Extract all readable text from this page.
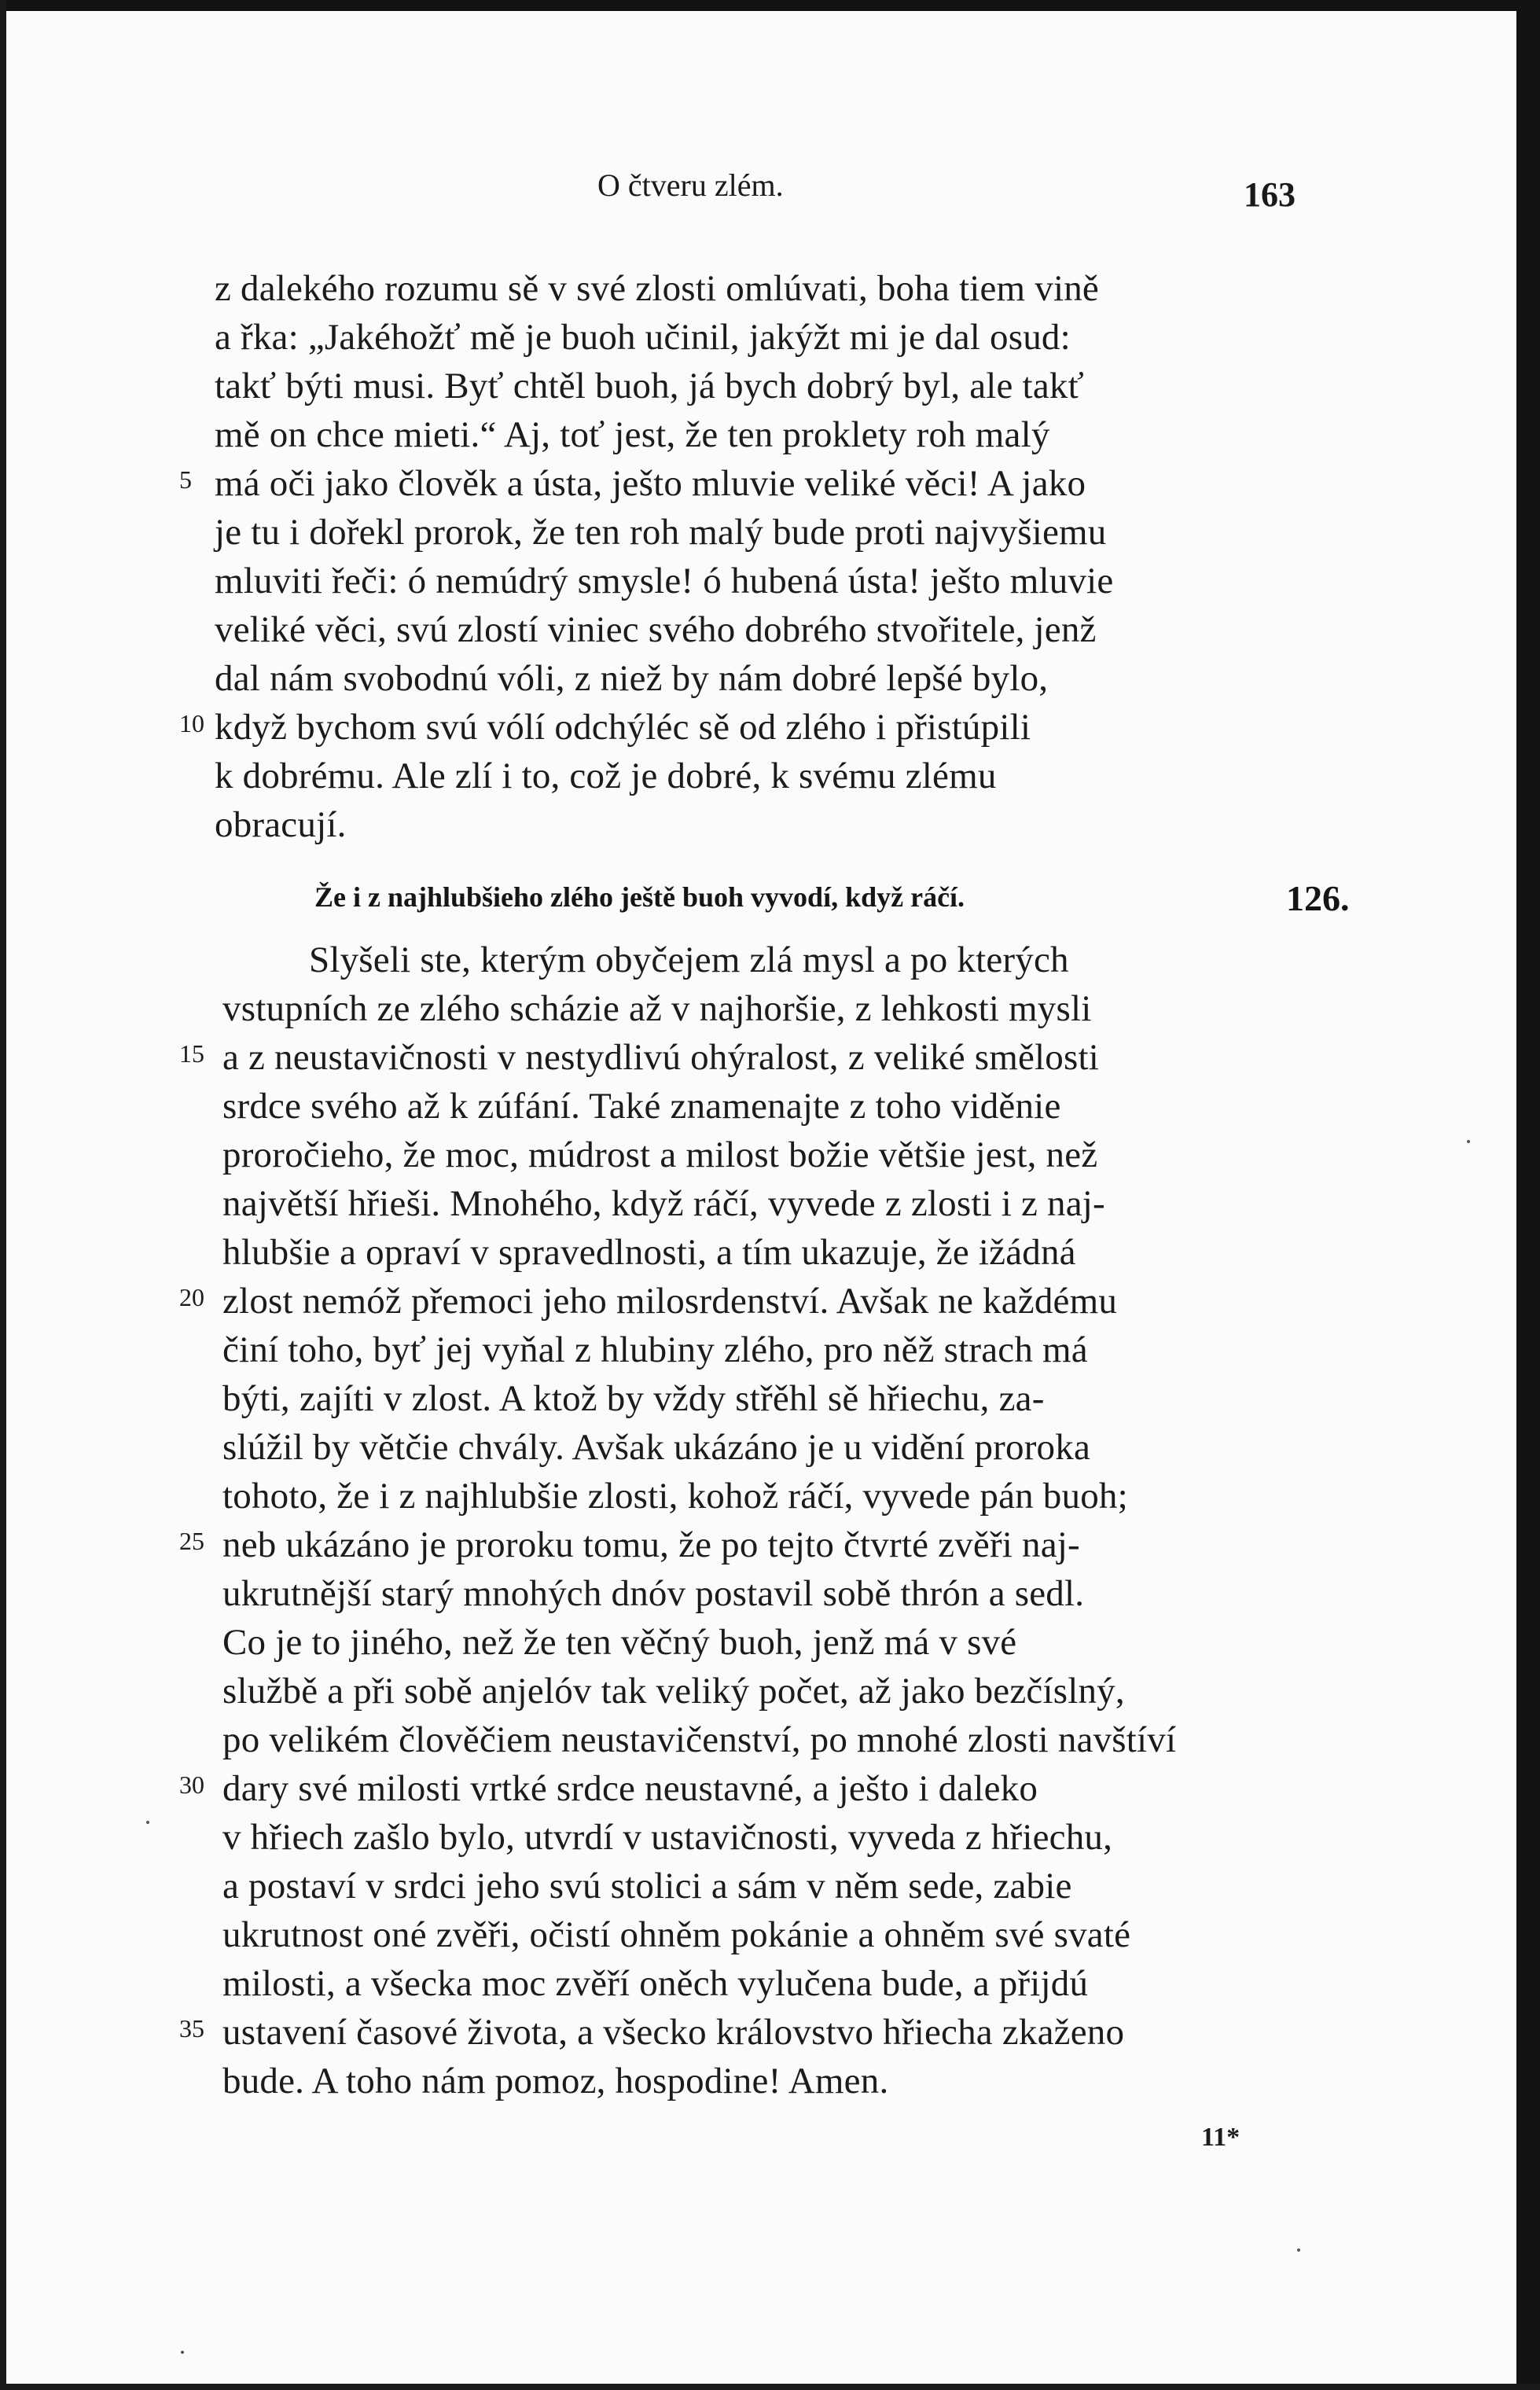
O čtveru zlém.	163
z dalekého rozumu sě v své zlosti omlúvati, boha tiem vině
a řka: „Jakéhožť mě je buoh učinil, jakýžt mi je dal osud:
takť býti musi. Byť chtěl buoh, já bych dobrý byl, ale takť
mě on chce mieti.“ Aj, toť jest, že ten proklety roh malý
5 má oči jako člověk a ústa, ještо mluvie veliké věci! A jako
je tu i dořekl prorok, že ten roh malý bude proti najvyšiemu
mluviti řeči: ó nemúdrý smysle! ó hubená ústa! ještо mluvie
veliké věci, svú zlostí viniec svého dobrého stvořitele, jenž
dal nám svobodnú vóli, z niež by nám dobré lepšé bylo,
10 když bychom svú vólí odchýléc sě od zlého i přistúpili
k dobrému. Ale zlí i to, což je dobré, k svému zlému
obracují.
Že i z najhlubšieho zlého ještě buoh vyvodí, když ráčí.	126.
Slyšeli ste, kterým obyčejem zlá mysl a po kterých
vstupních ze zlého scházie až v najhoršie, z lehkosti mysli
15 a z neustavičnosti v nestydlivú ohýralost, z veliké smělosti
srdce svého až k zúfání. Také znamenajte z toho viděnie
proročieho, že moc, múdrost a milost božie většie jest, než
najvětší hřieši. Mnohého, když ráčí, vyvede z zlosti i z naj-
hlubšie a opraví v spravedlnosti, a tím ukazuje, že ižádná
20 zlost nemóž přemoci jeho milosrdenství. Avšak ne každému
činí toho, byť jej vyňal z hlubiny zlého, pro něž strach má
býti, zajíti v zlost. A ktož by vždy střěhl sě hřiechu, za-
slúžil by větčie chvály. Avšak ukázáno je u vidění proroka
tohoto, že i z najhlubšie zlosti, kohož ráčí, vyvede pán buoh;
25 neb ukázáno je proroku tomu, že po tejto čtvrté zvěři naj-
ukrutnější starý mnohých dnóv postavil sobě thrón a sedl.
Co je to jiného, než že ten věčný buoh, jenž má v své
službě a při sobě anjelóv tak veliký počet, až jako bezčíslný,
po velikém člověčiem neustavičenství, po mnohé zlosti navštíví
30 dary své milosti vrtké srdce neustavné, a ještо i daleko
v hřiech zašlo bylo, utvrdí v ustavičnosti, vyveda z hřiechu,
a postaví v srdci jeho svú stolici a sám v něm sede, zabie
ukrutnost oné zvěři, očistí ohněm pokánie a ohněm své svaté
milosti, a všecka moc zvěří oněch vylučena bude, a přijdú
35 ustavení časové života, a všecko královstvo hřiecha zkaženo
bude. A toho nám pomoz, hospodine! Amen.
11*
